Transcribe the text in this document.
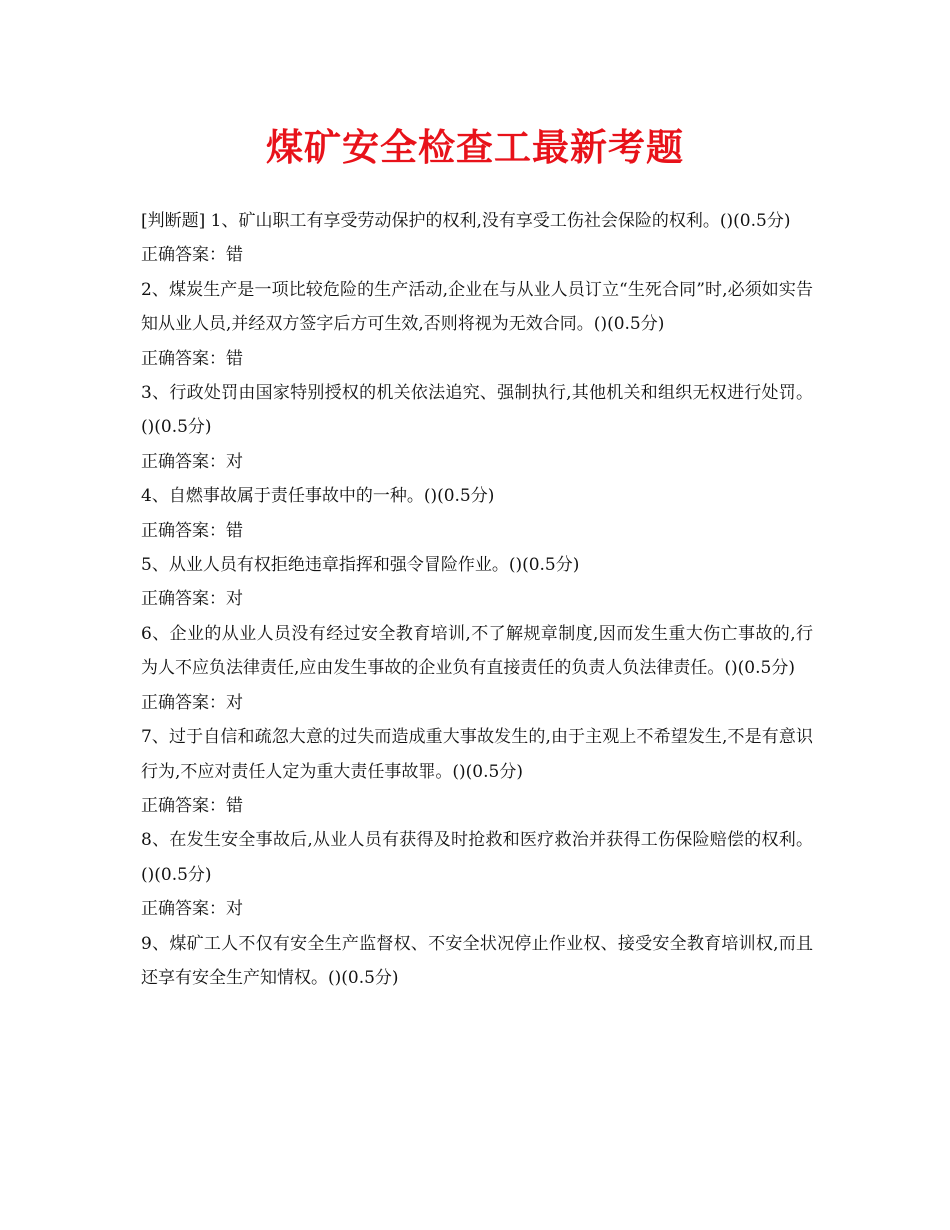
煤矿安全检查工最新考题
[判断题] 1、矿山职工有享受劳动保护的权利,没有享受工伤社会保险的权利。()(0.5分)
正确答案：错
2、煤炭生产是一项比较危险的生产活动,企业在与从业人员订立“生死合同”时,必须如实告知从业人员,并经双方签字后方可生效,否则将视为无效合同。()(0.5分)
正确答案：错
3、行政处罚由国家特别授权的机关依法追究、强制执行,其他机关和组织无权进行处罚。()(0.5分)
正确答案：对
4、自燃事故属于责任事故中的一种。()(0.5分)
正确答案：错
5、从业人员有权拒绝违章指挥和强令冒险作业。()(0.5分)
正确答案：对
6、企业的从业人员没有经过安全教育培训,不了解规章制度,因而发生重大伤亡事故的,行为人不应负法律责任,应由发生事故的企业负有直接责任的负责人负法律责任。()(0.5分)
正确答案：对
7、过于自信和疏忽大意的过失而造成重大事故发生的,由于主观上不希望发生,不是有意识行为,不应对责任人定为重大责任事故罪。()(0.5分)
正确答案：错
8、在发生安全事故后,从业人员有获得及时抢救和医疗救治并获得工伤保险赔偿的权利。()(0.5分)
正确答案：对
9、煤矿工人不仅有安全生产监督权、不安全状况停止作业权、接受安全教育培训权,而且还享有安全生产知情权。()(0.5分)
